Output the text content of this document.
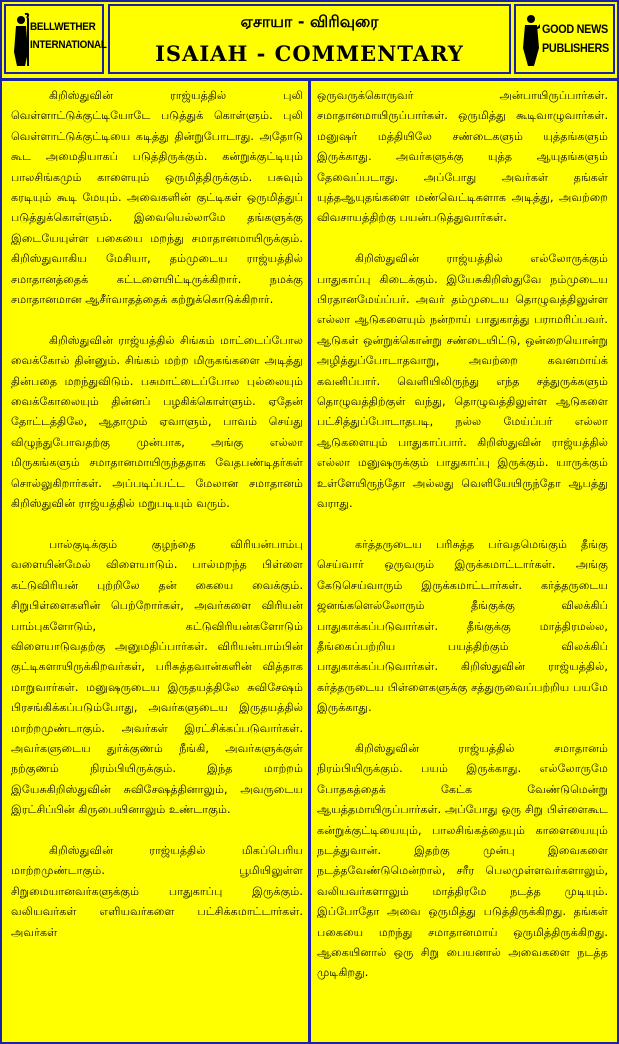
BELLWETHER
INTERNATIONAL
ஏசாயா - விரிவுரை
ISAIAH - COMMENTARY
GOOD NEWS
PUBLISHERS

கிறிஸ்துவின் ராஜ்யத்தில் புலி வெள்ளாட்டுக்குட்டியோடே படுத்துக் கொள்ளும். புலி வெள்ளாட்டுக்குட்டியை கடித்து தின்றுபோடாது. அதோடு கூட அமைதியாகப் படுத்திருக்கும். கன்றுக்குட்டியும் பாலசிங்கமும் காளையும் ஒருமித்திருக்கும். பசுவும் கரடியும் கூடி மேயும். அவைகளின் குட்டிகள் ஒருமித்துப் படுத்துக்கொள்ளும். இவையெல்லாமே தங்களுக்கு இடையேயுள்ள பகையை மறந்து சமாதானமாயிருக்கும். கிறிஸ்துவாகிய மேசியா, தம்முடைய ராஜ்யத்தில் சமாதானத்தைக் கட்டளையிட்டிருக்கிறார். நமக்கு சமாதானமான ஆசீர்வாதத்தைக் கற்றுக்கொடுக்கிறார்.

கிறிஸ்துவின் ராஜ்யத்தில் சிங்கம் மாட்டைப்போல வைக்கோல் தின்னும். சிங்கம் மற்ற மிருகங்களை அடித்து தின்பதை மறந்துவிடும். பசுமாட்டைப்போல புல்லையும் வைக்கோலையும் தின்னப் பழகிக்கொள்ளும். ஏதேன் தோட்டத்திலே, ஆதாமும் ஏவாளும், பாவம் செய்து விழுந்துபோவதற்கு முன்பாக, அங்கு எல்லா மிருகங்களும் சமாதானமாயிருந்ததாக வேதபண்டிதர்கள் சொல்லுகிறார்கள். அப்படிப்பட்ட மேலான சமாதானம் கிறிஸ்துவின் ராஜ்யத்தில் மறுபடியும் வரும்.

பால்குடிக்கும் குழந்தை விரியன்பாம்பு வளையின்மேல் விளையாடும். பால்மறந்த பிள்ளை கட்டுவிரியன் புற்றிலே தன் கையை வைக்கும். சிறுபிள்ளைகளின் பெற்றோர்கள், அவர்களை விரியன் பாம்புகளோடும், கட்டுவிரியன்களோடும் விளையாடுவதற்கு அனுமதிப்பார்கள். விரியன்பாம்பின் குட்டிகளாயிருக்கிறவர்கள், பரிசுத்தவான்களின் வித்தாக மாறுவார்கள். மனுஷருடைய இருதயத்திலே சுவிசேஷம் பிரசங்கிக்கப்படும்போது, அவர்களுடைய இருதயத்தில் மாற்றமுண்டாகும். அவர்கள் இரட்சிக்கப்படுவார்கள். அவர்களுடைய துர்க்குணம் நீங்கி, அவர்களுக்குள் நற்குணம் நிரம்பியிருக்கும். இந்த மாற்றம் இயேசுகிறிஸ்துவின் சுவிசேஷத்தினாலும், அவருடைய இரட்சிப்பின் கிருபையினாலும் உண்டாகும்.

கிறிஸ்துவின் ராஜ்யத்தில் மிகப்பெரிய மாற்றமுண்டாகும். பூமியிலுள்ள சிறுமையானவர்களுக்கும் பாதுகாப்பு இருக்கும். வலியவர்கள் எளியவர்களை பட்சிக்கமாட்டார்கள். அவர்கள்

ஒருவருக்கொருவர் அன்பாயிருப்பார்கள். சமாதானமாயிருப்பார்கள். ஒருமித்து கூடிவாழுவார்கள். மனுஷர் மத்தியிலே சண்டைகளும் யுத்தங்களும் இருக்காது. அவர்களுக்கு யுத்த ஆயுதங்களும் தேவைப்படாது. அப்போது அவர்கள் தங்கள் யுத்தஆயுதங்களை மண்வெட்டிகளாக அடித்து, அவற்றை விவசாயத்திற்கு பயன்படுத்துவார்கள்.

கிறிஸ்துவின் ராஜ்யத்தில் எல்லோருக்கும் பாதுகாப்பு கிடைக்கும். இயேசுகிறிஸ்துவே நம்முடைய பிரதானமேய்ப்பர். அவர் தம்முடைய தொழுவத்திலுள்ள எல்லா ஆடுகளையும் நன்றாய் பாதுகாத்து பராமரிப்பவர். ஆடுகள் ஒன்றுக்கொன்று சண்டையிட்டு, ஒன்றையொன்று அழித்துப்போடாதவாறு, அவற்றை கவனமாய்க் கவனிப்பார். வெளியிலிருந்து எந்த சத்துருக்களும் தொழுவத்திற்குள் வந்து, தொழுவத்திலுள்ள ஆடுகளை பட்சித்துப்போடாதபடி, நல்ல மேய்ப்பர் எல்லா ஆடுகளையும் பாதுகாப்பார். கிறிஸ்துவின் ராஜ்யத்தில் எல்லா மனுஷருக்கும் பாதுகாப்பு இருக்கும். யாருக்கும் உள்ளேயிருந்தோ அல்லது வெளியேயிருந்தோ ஆபத்து வராது.

கர்த்தருடைய பரிசுத்த பர்வதமெங்கும் தீங்கு செய்வார் ஒருவரும் இருக்கமாட்டார்கள். அங்கு கேடுசெய்வாரும் இருக்கமாட்டார்கள். கர்த்தருடைய ஜனங்களெல்லோரும் தீங்குக்கு விலக்கிப் பாதுகாக்கப்படுவார்கள். தீங்குக்கு மாத்திரமல்ல, தீங்கைப்பற்றிய பயத்திற்கும் விலக்கிப் பாதுகாக்கப்படுவார்கள். கிறிஸ்துவின் ராஜ்யத்தில், கர்த்தருடைய பிள்ளைகளுக்கு சத்துருவைப்பற்றிய பயமே இருக்காது.

கிறிஸ்துவின் ராஜ்யத்தில் சமாதானம் நிரம்பியிருக்கும். பயம் இருக்காது. எல்லோருமே போதகத்தைக் கேட்க வேண்டுமென்று ஆயத்தமாயிருப்பார்கள். அப்போது ஒரு சிறு பிள்ளைகூட கன்றுக்குட்டியையும், பாலசிங்கத்தையும் காளையையும் நடத்துவான். இதற்கு முன்பு இவைகளை நடத்தவேண்டுமென்றால், சரீர பெலமுள்ளவர்களாலும், வலியவர்களாலும் மாத்திரமே நடத்த முடியும். இப்போதோ அவை ஒருமித்து படுத்திருக்கிறது. தங்கள் பகையை மறந்து சமாதானமாய் ஒருமித்திருக்கிறது. ஆகையினால் ஒரு சிறு பையனால் அவைகளை நடத்த முடிகிறது.
